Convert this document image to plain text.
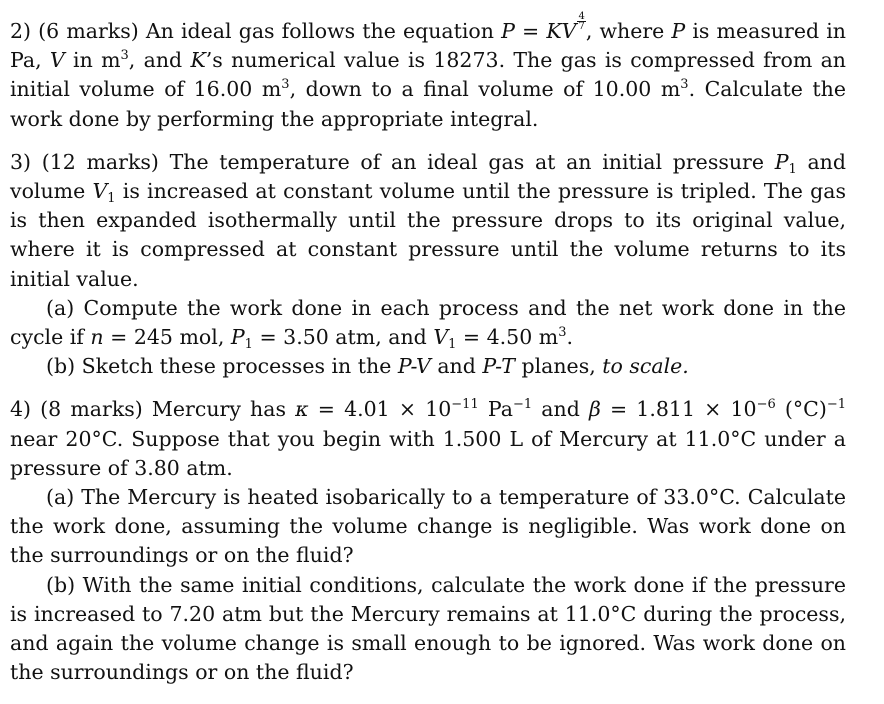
2) (6 marks) An ideal gas follows the equation P = KV $\frac{4}{7}$ , where P is measured in Pa, V in $m^3$, and K’s numerical value is 18273. The gas is compressed from an initial volume of 16.00 $m^3$, down to a final volume of 10.00 $m^3$. Calculate the work done by performing the appropriate integral.

3) (12 marks) The temperature of an ideal gas at an initial pressure $P_1$ and volume $V_1$ is increased at constant volume until the pressure is tripled. The gas is then expanded isothermally until the pressure drops to its original value, where it is compressed at constant pressure until the volume returns to its initial value.

(a) Compute the work done in each process and the net work done in the cycle if n = 245 mol, $P_1 = 3.50$ atm, and $V_1 = 4.50$ $m^3$.

(b) Sketch these processes in the P-V and P-T planes, to scale.

4) (8 marks) Mercury has $\kappa = 4.01 \times 10^{-11}$ $Pa^{-1}$ and $\beta = 1.811 \times 10^{-6}$ $(^\circ C)^{-1}$ near 20°C. Suppose that you begin with 1.500 L of Mercury at 11.0°C under a pressure of 3.80 atm.

(a) The Mercury is heated isobarically to a temperature of 33.0°C. Calculate the work done, assuming the volume change is negligible. Was work done on the surroundings or on the fluid?

(b) With the same initial conditions, calculate the work done if the pressure is increased to 7.20 atm but the Mercury remains at 11.0°C during the process, and again the volume change is small enough to be ignored. Was work done on the surroundings or on the fluid?
